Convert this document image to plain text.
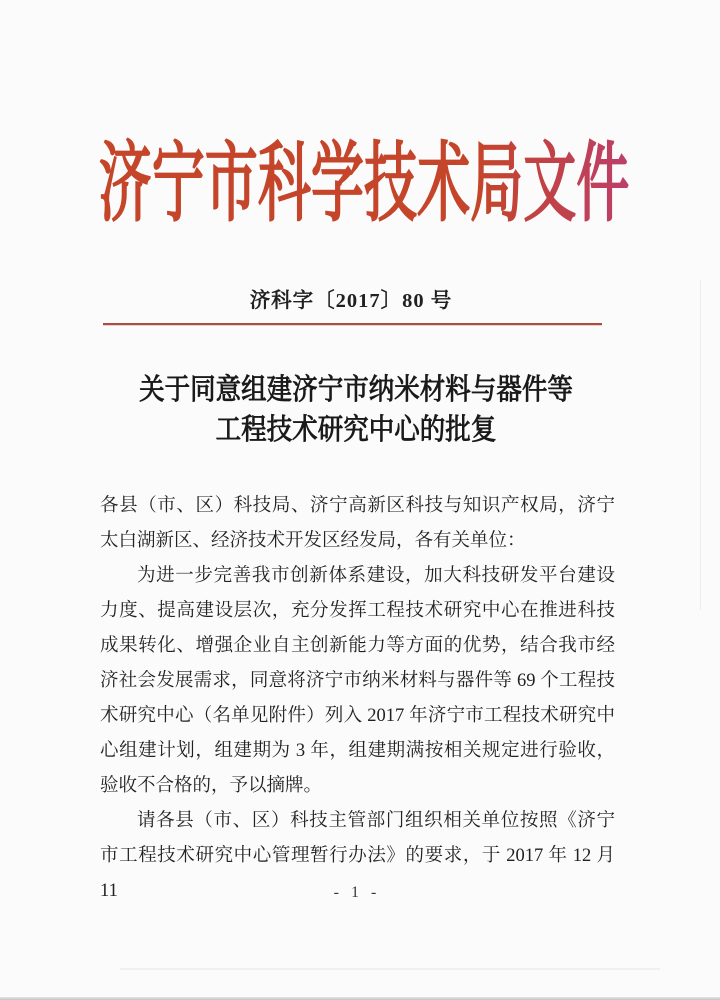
济宁市科学技术局文件
济科字〔2017〕80 号
关于同意组建济宁市纳米材料与器件等
工程技术研究中心的批复

各县（市、区）科技局、济宁高新区科技与知识产权局，济宁太白湖新区、经济技术开发区经发局，各有关单位：

为进一步完善我市创新体系建设，加大科技研发平台建设力度、提高建设层次，充分发挥工程技术研究中心在推进科技成果转化、增强企业自主创新能力等方面的优势，结合我市经济社会发展需求，同意将济宁市纳米材料与器件等 69 个工程技术研究中心（名单见附件）列入 2017 年济宁市工程技术研究中心组建计划，组建期为 3 年，组建期满按相关规定进行验收，验收不合格的，予以摘牌。

请各县（市、区）科技主管部门组织相关单位按照《济宁市工程技术研究中心管理暂行办法》的要求，于 2017 年 12 月 11	- 1 -
